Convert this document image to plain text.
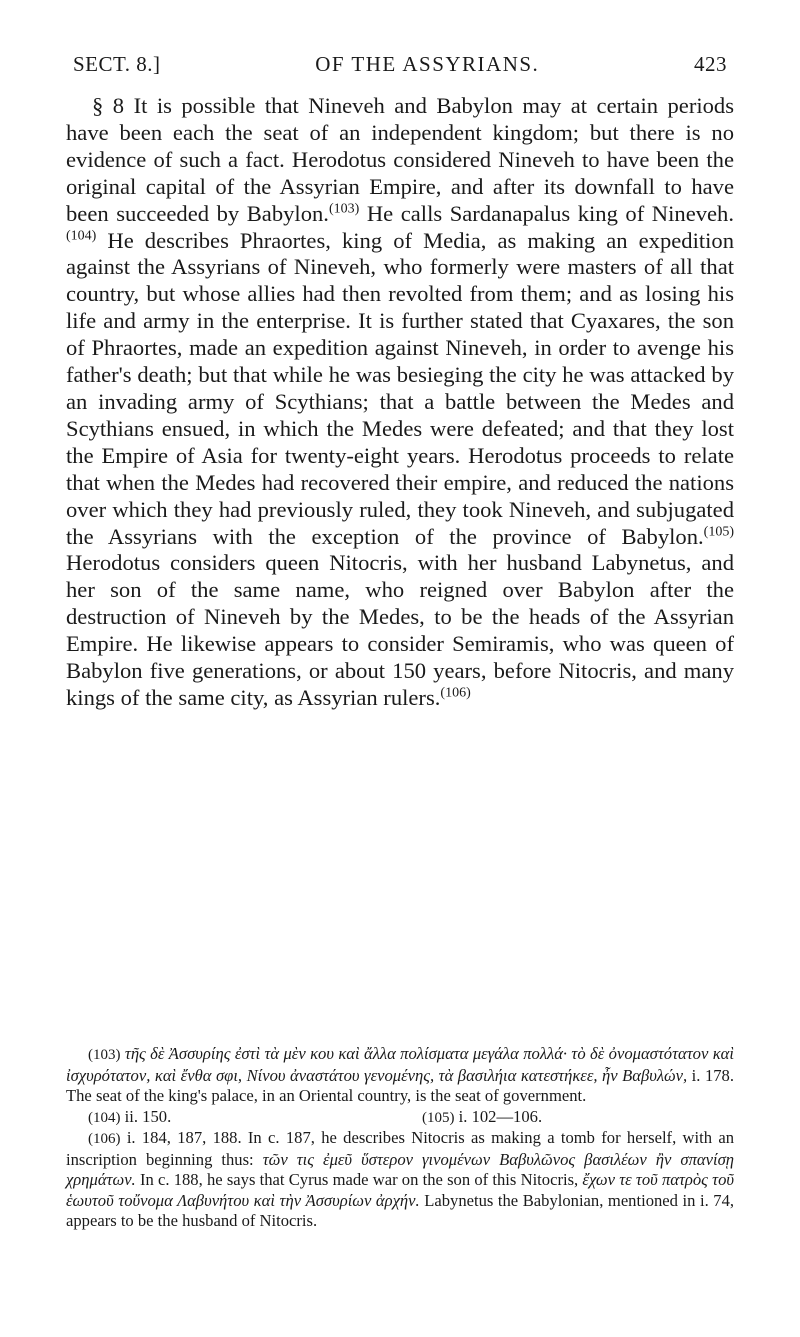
SECT. 8.]	OF THE ASSYRIANS.	423

§ 8 It is possible that Nineveh and Babylon may at certain periods have been each the seat of an independent kingdom; but there is no evidence of such a fact. Herodotus considered Nineveh to have been the original capital of the Assyrian Empire, and after its downfall to have been succeeded by Babylon.$^{(103)}$ He calls Sardanapalus king of Nineveh.$^{(104)}$ He describes Phraortes, king of Media, as making an expedition against the Assyrians of Nineveh, who formerly were masters of all that country, but whose allies had then revolted from them; and as losing his life and army in the enterprise. It is further stated that Cyaxares, the son of Phraortes, made an expedition against Nineveh, in order to avenge his father's death; but that while he was besieging the city he was attacked by an invading army of Scythians; that a battle between the Medes and Scythians ensued, in which the Medes were defeated; and that they lost the Empire of Asia for twenty-eight years. Herodotus proceeds to relate that when the Medes had recovered their empire, and reduced the nations over which they had previously ruled, they took Nineveh, and subjugated the Assyrians with the exception of the province of Babylon.$^{(105)}$ Herodotus considers queen Nitocris, with her husband Labynetus, and her son of the same name, who reigned over Babylon after the destruction of Nineveh by the Medes, to be the heads of the Assyrian Empire. He likewise appears to consider Semiramis, who was queen of Babylon five generations, or about 150 years, before Nitocris, and many kings of the same city, as Assyrian rulers.$^{(106)}$

(103) τῆς δὲ Ἀσσυρίης ἐστὶ τὰ μὲν κου καὶ ἄλλα πολίσματα μεγάλα πολλά· τὸ δὲ ὀνομαστότατον καὶ ἰσχυρότατον, καὶ ἔνθα σφι, Νίνου ἀναστάτου γενομένης, τὰ βασιλήια κατεστήκεε, ἦν Βαβυλών, i. 178. The seat of the king's palace, in an Oriental country, is the seat of government.

(104) ii. 150.	(105) i. 102—106.

(106) i. 184, 187, 188. In c. 187, he describes Nitocris as making a tomb for herself, with an inscription beginning thus: τῶν τις ἐμεῦ ὕστερον γινομένων Βαβυλῶνος βασιλέων ἢν σπανίσῃ χρημάτων. In c. 188, he says that Cyrus made war on the son of this Nitocris, ἔχων τε τοῦ πατρὸς τοῦ ἑωυτοῦ τοὔνομα Λαβυνήτου καὶ τὴν Ἀσσυρίων ἀρχήν. Labynetus the Babylonian, mentioned in i. 74, appears to be the husband of Nitocris.
